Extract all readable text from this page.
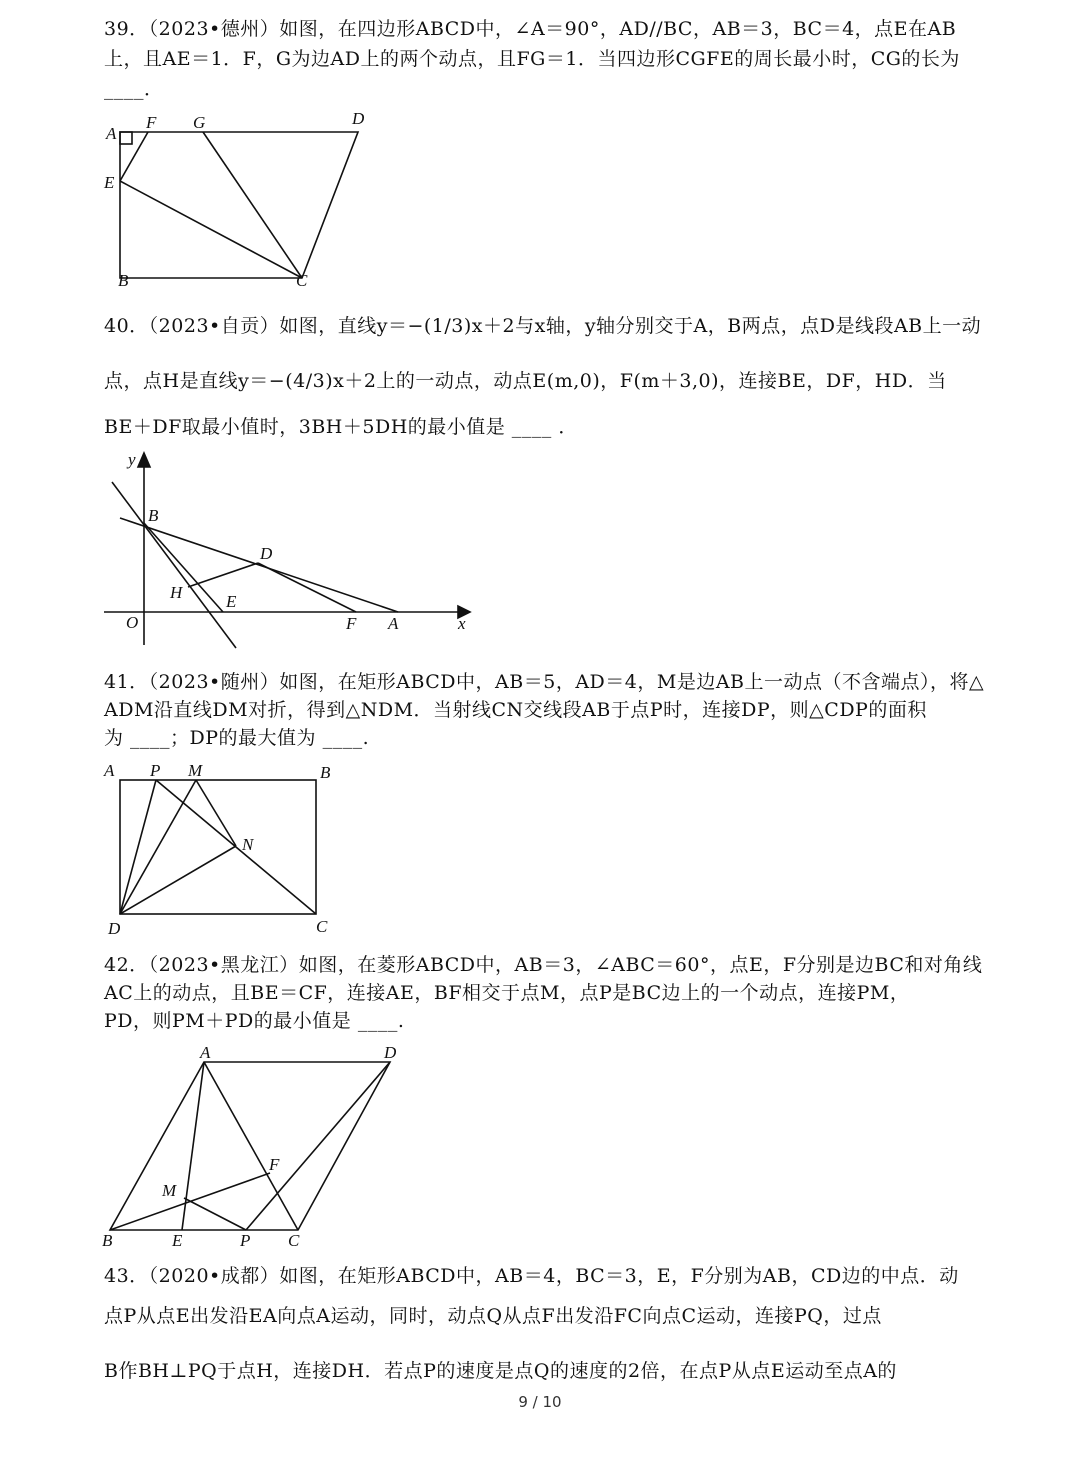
39．（2023•德州）如图，在四边形ABCD中，∠A＝90°，AD//BC，AB＝3，BC＝4，点E在AB
上，且AE＝1．F，G为边AD上的两个动点，且FG＝1．当四边形CGFE的周长最小时，CG的长为
____．
A
F G	D
E
B	C
40．（2023•自贡）如图，直线y＝−(1/3)x＋2与x轴，y轴分别交于A，B两点，点D是线段AB上一动
点，点H是直线y＝−(4/3)x＋2上的一动点，动点E(m,0)，F(m＋3,0)，连接BE，DF，HD．当
BE＋DF取最小值时，3BH＋5DH的最小值是 ____ ．
y
B
D
H	E
O	F A	x
41．（2023•随州）如图，在矩形ABCD中，AB＝5，AD＝4，M是边AB上一动点（不含端点），将△
ADM沿直线DM对折，得到△NDM．当射线CN交线段AB于点P时，连接DP，则△CDP的面积
为 ____；DP的最大值为 ____.
A P M	B
N
D	C
42．（2023•黑龙江）如图，在菱形ABCD中，AB＝3，∠ABC＝60°，点E，F分别是边BC和对角线
AC上的动点，且BE＝CF，连接AE，BF相交于点M，点P是BC边上的一个动点，连接PM，
PD，则PM＋PD的最小值是 ____.
A	D
F
M
B	E	P C
43．（2020•成都）如图，在矩形ABCD中，AB＝4，BC＝3，E，F分别为AB，CD边的中点．动
点P从点E出发沿EA向点A运动，同时，动点Q从点F出发沿FC向点C运动，连接PQ，过点
B作BH⊥PQ于点H，连接DH．若点P的速度是点Q的速度的2倍，在点P从点E运动至点A的
9 / 10
